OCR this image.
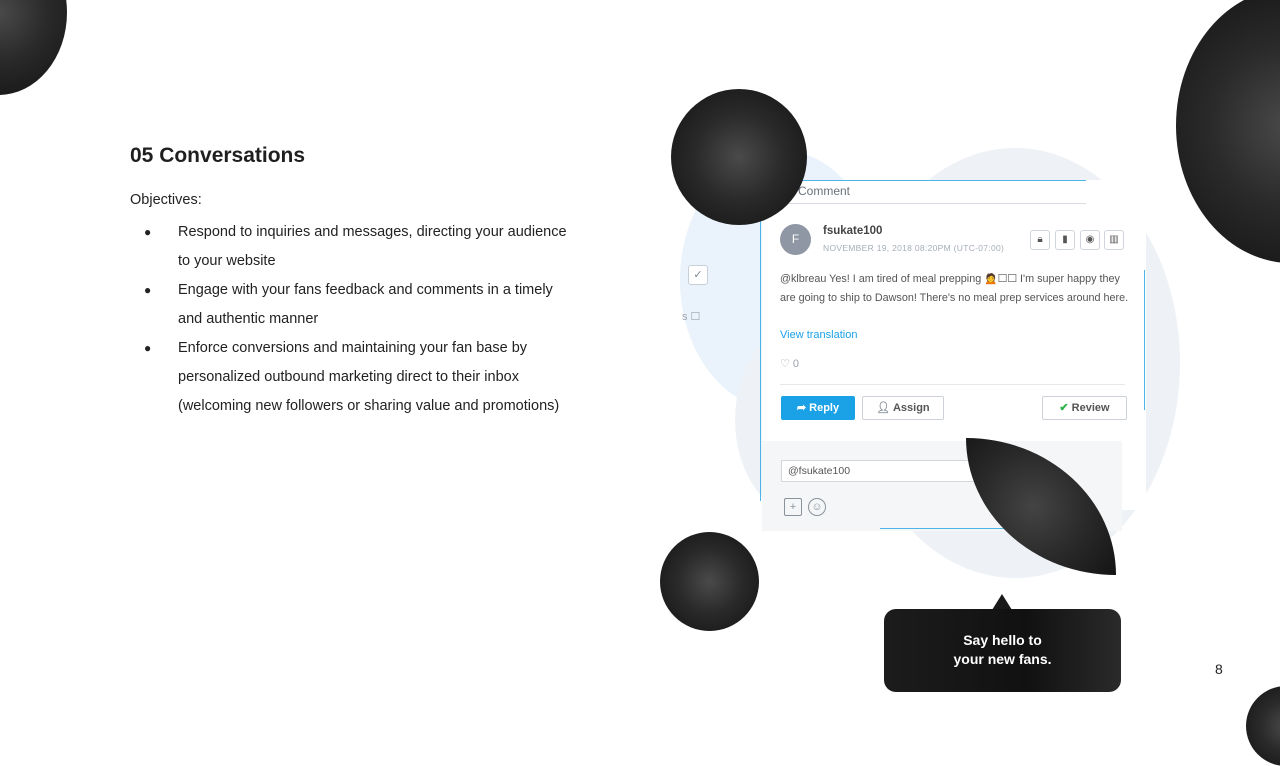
05 Conversations
Objectives:
● Respond to inquiries and messages, directing your audience to your website
● Engage with your fans feedback and comments in a timely and authentic manner
● Enforce conversions and maintaining your fan base by personalized outbound marketing direct to their inbox (welcoming new followers or sharing value and promotions)
8
✓
s ☐
Comment
F
fsukate100
NOVEMBER 19, 2018 08:20PM (UTC-07:00)
🔒︎	▮	◉	▥
@klbreau Yes! I am tired of meal prepping 🙍☐☐ I'm super happy they are going to ship to Dawson! There's no meal prep services around here.
View translation
♡ 0
➦ Reply	👤︎ Assign	✔ Review
@fsukate100
+	☺
Say hello to
your new fans.
